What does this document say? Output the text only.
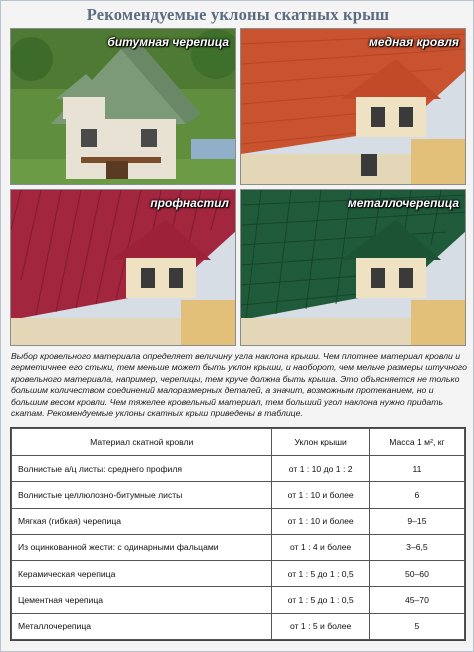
Рекомендуемые уклоны скатных крыш
битумная черепица	медная кровля
профнастил	металлочерепица
Выбор кровельного материала определяет величину угла наклона крыши. Чем плотнее материал кровли и герметичнее его стыки, тем меньше может быть уклон крыши, и наоборот, чем мельче размеры штучного кровельного материала, например, черепицы, тем круче должна быть крыша. Это объясняется не только большим количеством соединений малоразмерных деталей, а значит, возможным протеканием, но и большим весом кровли. Чем тяжелее кровельный материал, тем больший угол наклона нужно придать скатам. Рекомендуемые уклоны скатных крыш приведены в таблице.
Материал скатной кровли	Уклон крыши	Масса 1 м², кг
Волнистые а/ц листы: среднего профиля	от 1 : 10 до 1 : 2	11
Волнистые целлюлозно-битумные листы	от 1 : 10 и более	6
Мягкая (гибкая) черепица	от 1 : 10 и более	9–15
Из оцинкованной жести: с одинарными фальцами	от 1 : 4 и более	3–6,5
Керамическая черепица	от 1 : 5 до 1 : 0,5	50–60
Цементная черепица	от 1 : 5 до 1 : 0,5	45–70
Металлочерепица	от 1 : 5 и более	5
